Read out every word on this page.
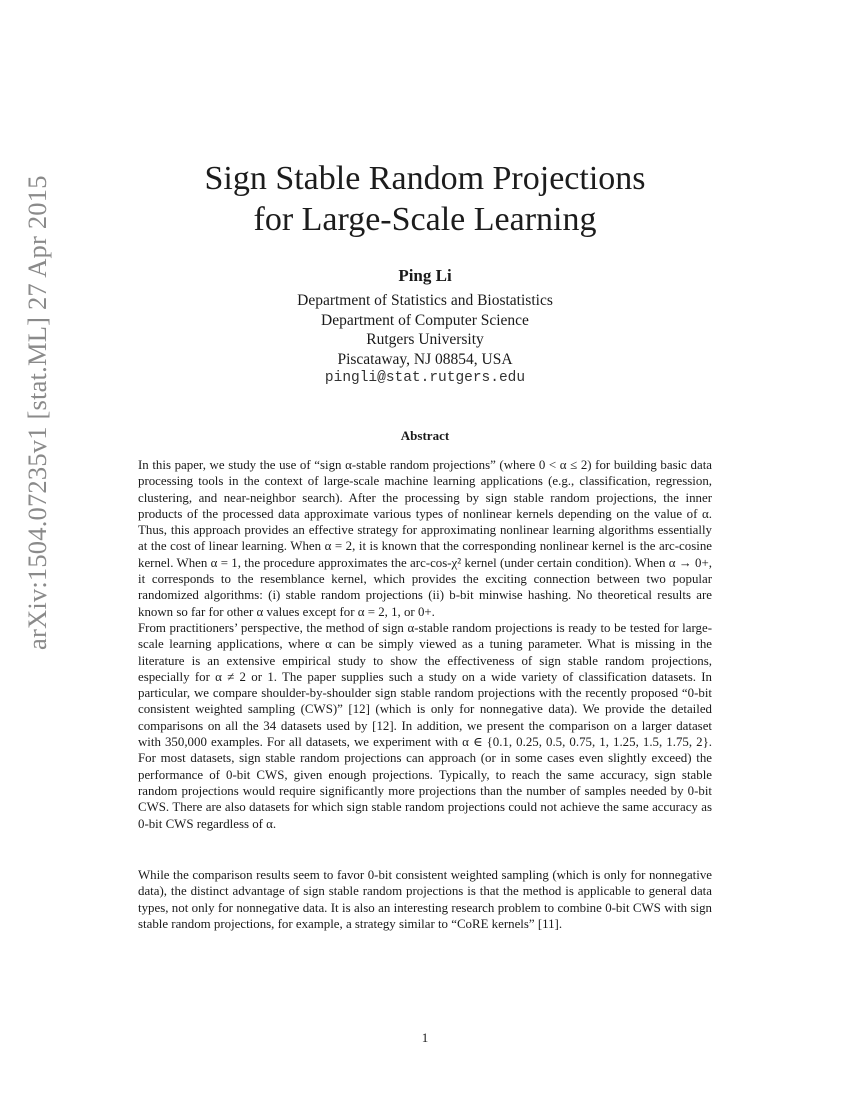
arXiv:1504.07235v1 [stat.ML] 27 Apr 2015	Sign Stable Random Projections
for Large-Scale Learning
Ping Li
Department of Statistics and Biostatistics
Department of Computer Science
Rutgers University
Piscataway, NJ 08854, USA
pingli@stat.rutgers.edu
Abstract

In this paper, we study the use of “sign α-stable random projections” (where 0 < α ≤ 2) for building basic data processing tools in the context of large-scale machine learning applications (e.g., classification, regression, clustering, and near-neighbor search). After the processing by sign stable random projections, the inner products of the processed data approximate various types of nonlinear kernels depending on the value of α. Thus, this approach provides an effective strategy for approximating nonlinear learning algorithms essentially at the cost of linear learning. When α = 2, it is known that the corresponding nonlinear kernel is the arc-cosine kernel. When α = 1, the procedure approximates the arc-cos-χ² kernel (under certain condition). When α → 0+, it corresponds to the resemblance kernel, which provides the exciting connection between two popular randomized algorithms: (i) stable random projections (ii) b-bit minwise hashing. No theoretical results are known so far for other α values except for α = 2, 1, or 0+.

From practitioners’ perspective, the method of sign α-stable random projections is ready to be tested for large-scale learning applications, where α can be simply viewed as a tuning parameter. What is missing in the literature is an extensive empirical study to show the effectiveness of sign stable random projections, especially for α ≠ 2 or 1. The paper supplies such a study on a wide variety of classification datasets. In particular, we compare shoulder-by-shoulder sign stable random projections with the recently proposed “0-bit consistent weighted sampling (CWS)” [12] (which is only for nonnegative data). We provide the detailed comparisons on all the 34 datasets used by [12]. In addition, we present the comparison on a larger dataset with 350,000 examples. For all datasets, we experiment with α ∈ {0.1, 0.25, 0.5, 0.75, 1, 1.25, 1.5, 1.75, 2}. For most datasets, sign stable random projections can approach (or in some cases even slightly exceed) the performance of 0-bit CWS, given enough projections. Typically, to reach the same accuracy, sign stable random projections would require significantly more projections than the number of samples needed by 0-bit CWS. There are also datasets for which sign stable random projections could not achieve the same accuracy as 0-bit CWS regardless of α.

While the comparison results seem to favor 0-bit consistent weighted sampling (which is only for nonnegative data), the distinct advantage of sign stable random projections is that the method is applicable to general data types, not only for nonnegative data. It is also an interesting research problem to combine 0-bit CWS with sign stable random projections, for example, a strategy similar to “CoRE kernels” [11].

1
